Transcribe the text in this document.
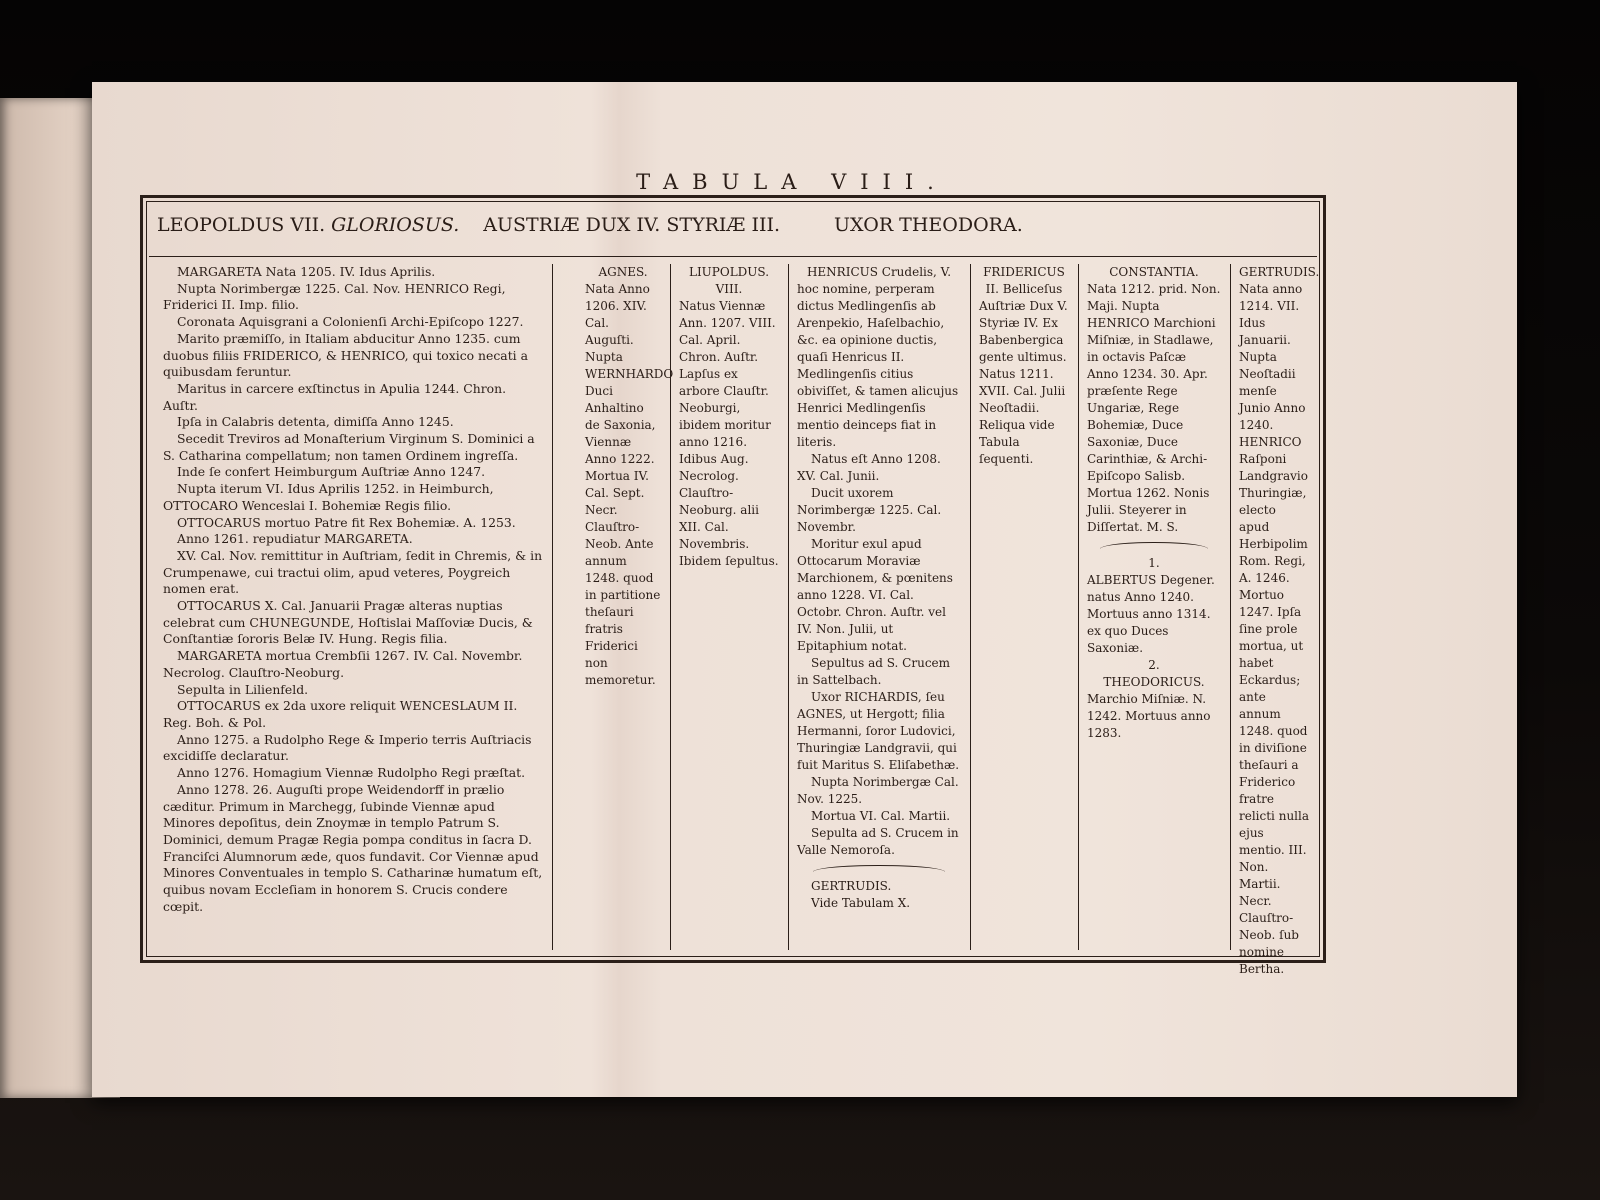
TABULA VIII.
LEOPOLDUS VII. GLORIOSUS. AUSTRIÆ DUX IV. STYRIÆ III.	UXOR THEODORA.

MARGARETA Nata 1205. IV. Idus Aprilis.

Nupta Norimbergæ 1225. Cal. Nov. HENRICO Regi, Friderici II. Imp. filio.

Coronata Aquisgrani a Colonienſi Archi-Epiſcopo 1227.

Marito præmiſſo, in Italiam abducitur Anno 1235. cum duobus filiis FRIDERICO, & HENRICO, qui toxico necati a quibusdam feruntur.

Maritus in carcere exſtinctus in Apulia 1244. Chron. Auſtr.

Ipſa in Calabris detenta, dimiſſa Anno 1245.

Secedit Treviros ad Monaſterium Virginum S. Dominici a S. Catharina compellatum; non tamen Ordinem ingreſſa.

Inde ſe confert Heimburgum Auſtriæ Anno 1247.

Nupta iterum VI. Idus Aprilis 1252. in Heimburch, OTTOCARO Wenceslai I. Bohemiæ Regis filio.

OTTOCARUS mortuo Patre fit Rex Bohemiæ. A. 1253.

Anno 1261. repudiatur MARGARETA.

XV. Cal. Nov. remittitur in Auſtriam, ſedit in Chremis, & in Crumpenawe, cui tractui olim, apud veteres, Poygreich nomen erat.

OTTOCARUS X. Cal. Januarii Pragæ alteras nuptias celebrat cum CHUNEGUNDE, Hoſtislai Maſſoviæ Ducis, & Conſtantiæ ſororis Belæ IV. Hung. Regis filia.

MARGARETA mortua Crembſii 1267. IV. Cal. Novembr. Necrolog. Clauſtro-Neoburg.

Sepulta in Lilienfeld.

OTTOCARUS ex 2da uxore reliquit WENCESLAUM II. Reg. Boh. & Pol.

Anno 1275. a Rudolpho Rege & Imperio terris Auſtriacis excidiſſe declaratur.

Anno 1276. Homagium Viennæ Rudolpho Regi præſtat.

Anno 1278. 26. Auguſti prope Weidendorff in prælio cæditur. Primum in Marchegg, ſubinde Viennæ apud Minores depoſitus, dein Znoymæ in templo Patrum S. Dominici, demum Pragæ Regia pompa conditus in ſacra D. Franciſci Alumnorum æde, quos fundavit. Cor Viennæ apud Minores Conventuales in templo S. Catharinæ humatum eſt, quibus novam Eccleſiam in honorem S. Crucis condere cœpit.

AGNES.

Nata Anno 1206. XIV. Cal. Auguſti. Nupta WERNHARDO Duci Anhaltino de Saxonia, Viennæ Anno 1222. Mortua IV. Cal. Sept. Necr. Clauſtro-Neob. Ante annum 1248. quod in partitione theſauri fratris Friderici non memoretur.

LIUPOLDUS. VIII.

Natus Viennæ Ann. 1207. VIII. Cal. April. Chron. Auſtr. Lapſus ex arbore Clauſtr. Neoburgi, ibidem moritur anno 1216. Idibus Aug. Necrolog. Clauſtro-Neoburg. alii XII. Cal. Novembris. Ibidem ſepultus.

HENRICUS Crudelis, V.

hoc nomine, perperam dictus Medlingenſis ab Arenpekio, Haſelbachio, &c. ea opinione ductis, quaſi Henricus II. Medlingenſis citius obiviſſet, & tamen alicujus Henrici Medlingenſis mentio deinceps fiat in literis.

Natus eſt Anno 1208. XV. Cal. Junii.

Ducit uxorem Norimbergæ 1225. Cal. Novembr.

Moritur exul apud Ottocarum Moraviæ Marchionem, & pœnitens anno 1228. VI. Cal. Octobr. Chron. Auſtr. vel IV. Non. Julii, ut Epitaphium notat.

Sepultus ad S. Crucem in Sattelbach.

Uxor RICHARDIS, ſeu AGNES, ut Hergott; filia Hermanni, ſoror Ludovici, Thuringiæ Landgravii, qui fuit Maritus S. Eliſabethæ.

Nupta Norimbergæ Cal. Nov. 1225.

Mortua VI. Cal. Martii.

Sepulta ad S. Crucem in Valle Nemoroſa.

GERTRUDIS.

Vide Tabulam X.

FRIDERICUS II. Belliceſus

Auſtriæ Dux V. Styriæ IV. Ex Babenbergica gente ultimus. Natus 1211. XVII. Cal. Julii Neoſtadii. Reliqua vide Tabula ſequenti.

CONSTANTIA.

Nata 1212. prid. Non. Maji. Nupta HENRICO Marchioni Miſniæ, in Stadlawe, in octavis Paſcæ Anno 1234. 30. Apr. præſente Rege Ungariæ, Rege Bohemiæ, Duce Saxoniæ, Duce Carinthiæ, & Archi-Epiſcopo Salisb. Mortua 1262. Nonis Julii. Steyerer in Diſſertat. M. S.

1.

ALBERTUS Degener. natus Anno 1240. Mortuus anno 1314. ex quo Duces Saxoniæ.

2.

THEODORICUS.

Marchio Miſniæ. N. 1242. Mortuus anno 1283.

GERTRUDIS.

Nata anno 1214. VII. Idus Januarii. Nupta Neoſtadii menſe Junio Anno 1240. HENRICO Raſponi Landgravio Thuringiæ, electo apud Herbipolim Rom. Regi, A. 1246. Mortuo 1247. Ipſa ſine prole mortua, ut habet Eckardus; ante annum 1248. quod in diviſione theſauri a Friderico fratre relicti nulla ejus mentio. III. Non. Martii. Necr. Clauſtro-Neob. ſub nomine Bertha.
